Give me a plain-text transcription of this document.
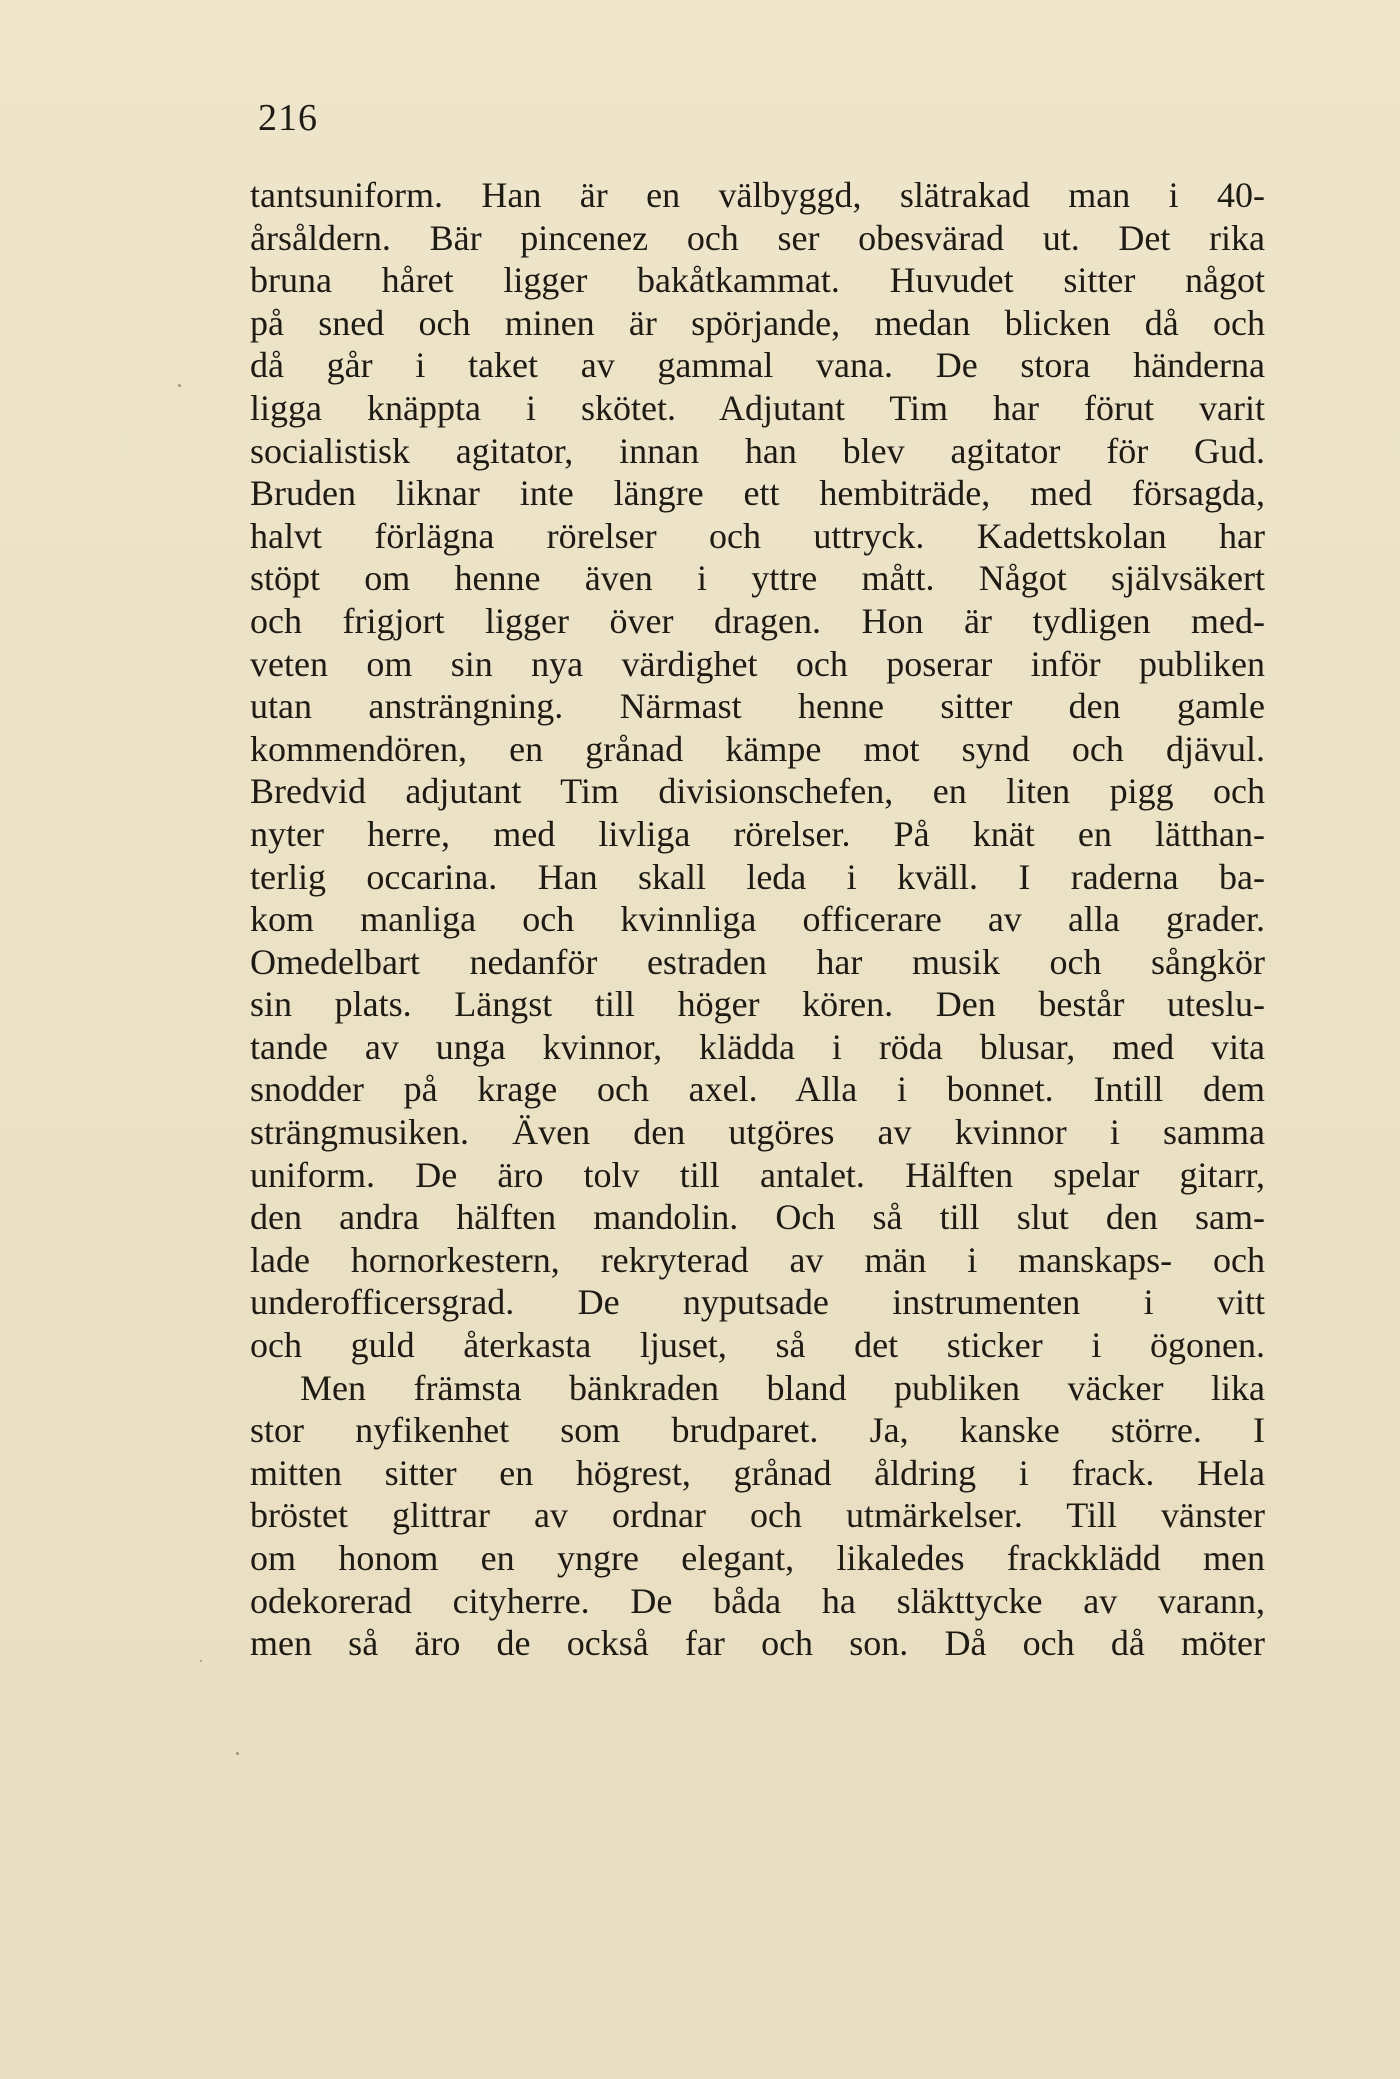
216
tantsuniform. Han är en välbyggd, slätrakad man i 40-
årsåldern. Bär pincenez och ser obesvärad ut. Det rika
bruna håret ligger bakåtkammat. Huvudet sitter något
på sned och minen är spörjande, medan blicken då och
då går i taket av gammal vana. De stora händerna
ligga knäppta i skötet. Adjutant Tim har förut varit
socialistisk agitator, innan han blev agitator för Gud.
Bruden liknar inte längre ett hembiträde, med försagda,
halvt förlägna rörelser och uttryck. Kadettskolan har
stöpt om henne även i yttre mått. Något självsäkert
och frigjort ligger över dragen. Hon är tydligen med-
veten om sin nya värdighet och poserar inför publiken
utan ansträngning. Närmast henne sitter den gamle
kommendören, en grånad kämpe mot synd och djävul.
Bredvid adjutant Tim divisionschefen, en liten pigg och
nyter herre, med livliga rörelser. På knät en lätthan-
terlig occarina. Han skall leda i kväll. I raderna ba-
kom manliga och kvinnliga officerare av alla grader.
Omedelbart nedanför estraden har musik och sångkör
sin plats. Längst till höger kören. Den består uteslu-
tande av unga kvinnor, klädda i röda blusar, med vita
snodder på krage och axel. Alla i bonnet. Intill dem
strängmusiken. Även den utgöres av kvinnor i samma
uniform. De äro tolv till antalet. Hälften spelar gitarr,
den andra hälften mandolin. Och så till slut den sam-
lade hornorkestern, rekryterad av män i manskaps- och
underofficersgrad. De nyputsade instrumenten i vitt
och guld återkasta ljuset, så det sticker i ögonen.
Men främsta bänkraden bland publiken väcker lika
stor nyfikenhet som brudparet. Ja, kanske större. I
mitten sitter en högrest, grånad åldring i frack. Hela
bröstet glittrar av ordnar och utmärkelser. Till vänster
om honom en yngre elegant, likaledes frackklädd men
odekorerad cityherre. De båda ha släkttycke av varann,
men så äro de också far och son. Då och då möter
